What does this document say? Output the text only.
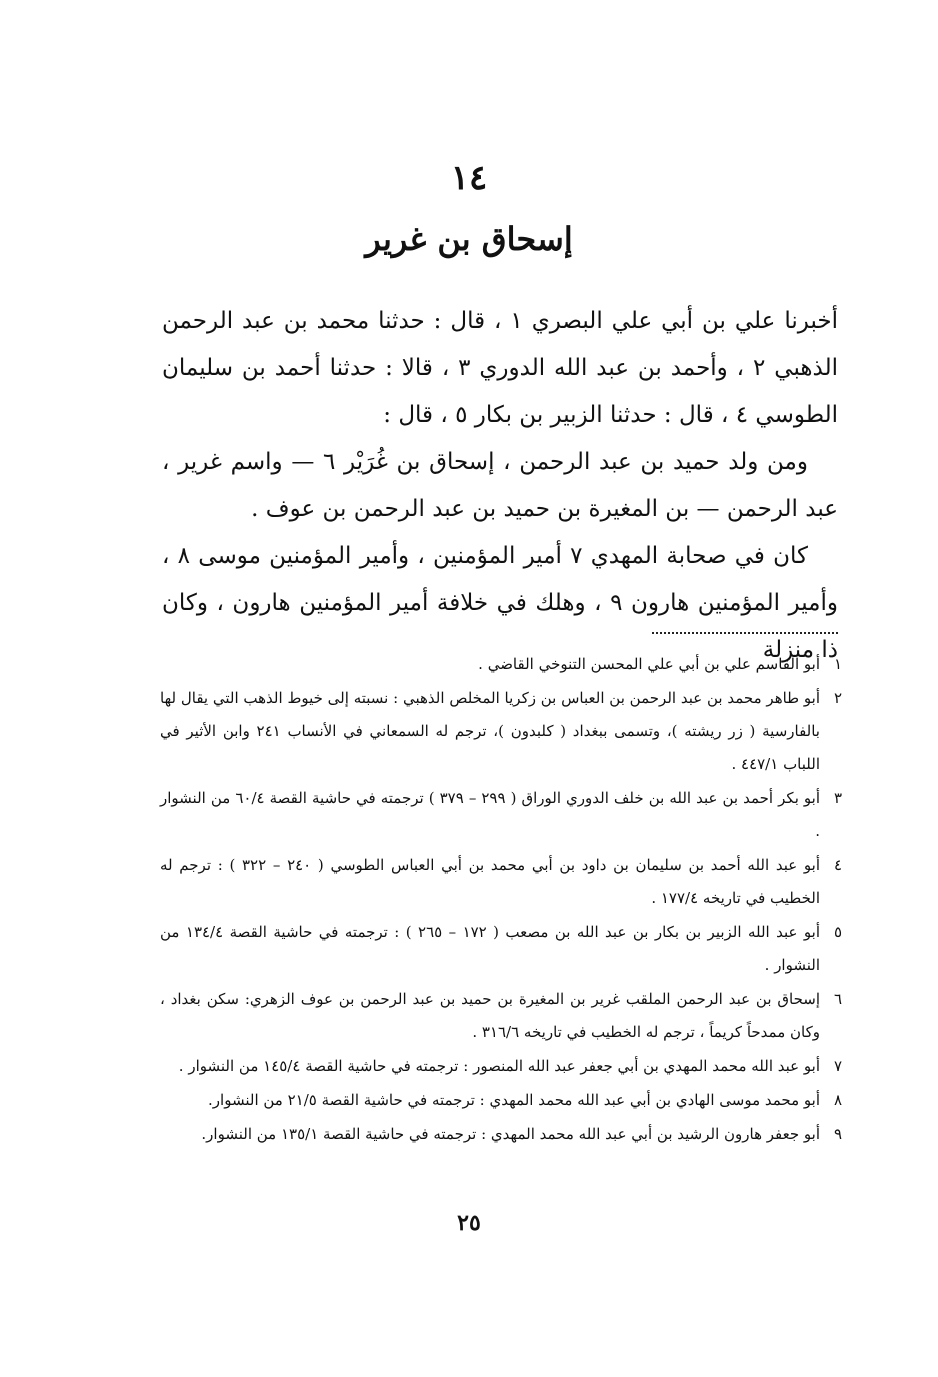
١٤
إسحاق بن غرير

أخبرنا علي بن أبي علي البصري ١ ، قال : حدثنا محمد بن عبد الرحمن الذهبي ٢ ، وأحمد بن عبد الله الدوري ٣ ، قالا : حدثنا أحمد بن سليمان الطوسي ٤ ، قال : حدثنا الزبير بن بكار ٥ ، قال :

ومن ولد حميد بن عبد الرحمن ، إسحاق بن غُرَيْر ٦ — واسم غرير ، عبد الرحمن — بن المغيرة بن حميد بن عبد الرحمن بن عوف .

كان في صحابة المهدي ٧ أمير المؤمنين ، وأمير المؤمنين موسى ٨ ، وأمير المؤمنين هارون ٩ ، وهلك في خلافة أمير المؤمنين هارون ، وكان ذا منزلة

١
أبو القاسم علي بن أبي علي المحسن التنوخي القاضي .
٢
أبو طاهر محمد بن عبد الرحمن بن العباس بن زكريا المخلص الذهبي : نسبته إلى خيوط الذهب التي يقال لها بالفارسية ( زر ريشته )، وتسمى ببغداد ( كلبدون )، ترجم له السمعاني في الأنساب ٢٤١ وابن الأثير في اللباب ٤٤٧/١ .
٣
أبو بكر أحمد بن عبد الله بن خلف الدوري الوراق ( ٢٩٩ – ٣٧٩ ) ترجمته في حاشية القصة ٦٠/٤ من النشوار .
٤
أبو عبد الله أحمد بن سليمان بن داود بن أبي محمد بن أبي العباس الطوسي ( ٢٤٠ – ٣٢٢ ) : ترجم له الخطيب في تاريخه ١٧٧/٤ .
٥
أبو عبد الله الزبير بن بكار بن عبد الله بن مصعب ( ١٧٢ – ٢٦٥ ) : ترجمته في حاشية القصة ١٣٤/٤ من النشوار .
٦
إسحاق بن عبد الرحمن الملقب غرير بن المغيرة بن حميد بن عبد الرحمن بن عوف الزهري: سكن بغداد ، وكان ممدحاً كريماً ، ترجم له الخطيب في تاريخه ٣١٦/٦ .
٧
أبو عبد الله محمد المهدي بن أبي جعفر عبد الله المنصور : ترجمته في حاشية القصة ١٤٥/٤ من النشوار .
٨
أبو محمد موسى الهادي بن أبي عبد الله محمد المهدي : ترجمته في حاشية القصة ٢١/٥ من النشوار.
٩
أبو جعفر هارون الرشيد بن أبي عبد الله محمد المهدي : ترجمته في حاشية القصة ١٣٥/١ من النشوار.
٢٥
